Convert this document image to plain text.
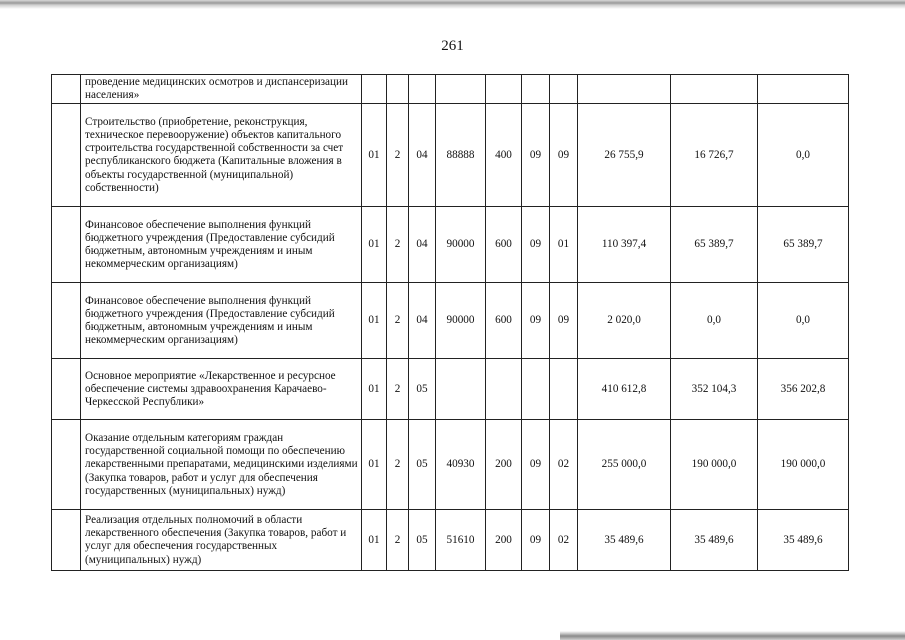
261
	проведение медицинских осмотров и диспансеризации населения»										
	Строительство (приобретение, реконструкция, техническое перевооружение) объектов капитального строительства государственной собственности за счет республиканского бюджета (Капитальные вложения в объекты государственной (муниципальной) собственности)	01	2	04	88888	400	09	09	26 755,9	16 726,7	0,0
	Финансовое обеспечение выполнения функций бюджетного учреждения (Предоставление субсидий бюджетным, автономным учреждениям и иным некоммерческим организациям)	01	2	04	90000	600	09	01	110 397,4	65 389,7	65 389,7
	Финансовое обеспечение выполнения функций бюджетного учреждения (Предоставление субсидий бюджетным, автономным учреждениям и иным некоммерческим организациям)	01	2	04	90000	600	09	09	2 020,0	0,0	0,0
	Основное мероприятие «Лекарственное и ресурсное обеспечение системы здравоохранения Карачаево-Черкесской Республики»	01	2	05					410 612,8	352 104,3	356 202,8
	Оказание отдельным категориям граждан государственной социальной помощи по обеспечению лекарственными препаратами, медицинскими изделиями (Закупка товаров, работ и услуг для обеспечения государственных (муниципальных) нужд)	01	2	05	40930	200	09	02	255 000,0	190 000,0	190 000,0
	Реализация отдельных полномочий в области лекарственного обеспечения (Закупка товаров, работ и услуг для обеспечения государственных (муниципальных) нужд)	01	2	05	51610	200	09	02	35 489,6	35 489,6	35 489,6
